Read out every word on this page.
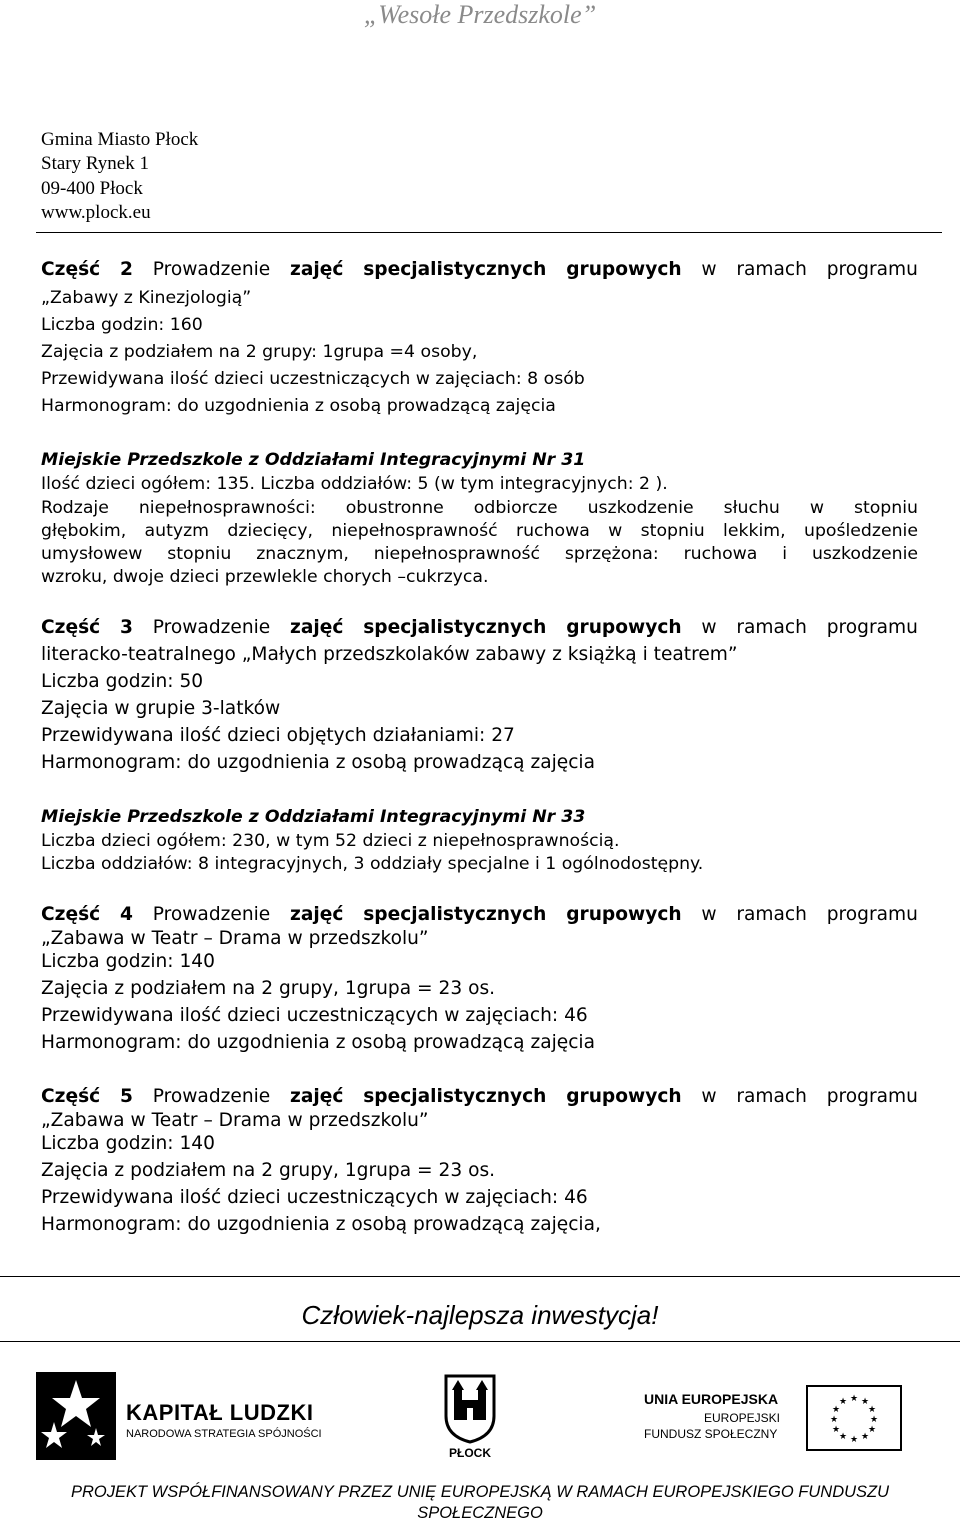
„Wesołe Przedszkole”
Gmina Miasto Płock
Stary Rynek 1
09-400 Płock
www.plock.eu
Część 2 Prowadzenie zajęć specjalistycznych grupowych w ramach programu
„Zabawy z Kinezjologią”
Liczba godzin: 160
Zajęcia z podziałem na 2 grupy: 1grupa =4 osoby,
Przewidywana ilość dzieci uczestniczących w zajęciach: 8 osób
Harmonogram: do uzgodnienia z osobą prowadzącą zajęcia
Miejskie Przedszkole z Oddziałami Integracyjnymi Nr 31
Ilość dzieci ogółem: 135. Liczba oddziałów: 5 (w tym integracyjnych: 2 ).
Rodzaje niepełnosprawności: obustronne odbiorcze uszkodzenie słuchu w stopniu
głębokim, autyzm dziecięcy, niepełnosprawność ruchowa w stopniu lekkim, upośledzenie
umysłowew stopniu znacznym, niepełnosprawność sprzężona: ruchowa i uszkodzenie
wzroku, dwoje dzieci przewlekle chorych –cukrzyca.
Część 3 Prowadzenie zajęć specjalistycznych grupowych w ramach programu
literacko-teatralnego „Małych przedszkolaków zabawy z książką i teatrem”
Liczba godzin: 50
Zajęcia w grupie 3-latków
Przewidywana ilość dzieci objętych działaniami: 27
Harmonogram: do uzgodnienia z osobą prowadzącą zajęcia
Miejskie Przedszkole z Oddziałami Integracyjnymi Nr 33
Liczba dzieci ogółem: 230, w tym 52 dzieci z niepełnosprawnością.
Liczba oddziałów: 8 integracyjnych, 3 oddziały specjalne i 1 ogólnodostępny.
Część 4 Prowadzenie zajęć specjalistycznych grupowych w ramach programu
„Zabawa w Teatr – Drama w przedszkolu”
Liczba godzin: 140
Zajęcia z podziałem na 2 grupy, 1grupa = 23 os.
Przewidywana ilość dzieci uczestniczących w zajęciach: 46
Harmonogram: do uzgodnienia z osobą prowadzącą zajęcia
Część 5 Prowadzenie zajęć specjalistycznych grupowych w ramach programu
„Zabawa w Teatr – Drama w przedszkolu”
Liczba godzin: 140
Zajęcia z podziałem na 2 grupy, 1grupa = 23 os.
Przewidywana ilość dzieci uczestniczących w zajęciach: 46
Harmonogram: do uzgodnienia z osobą prowadzącą zajęcia,
Człowiek-najlepsza inwestycja!
KAPITAŁ LUDZKI
NARODOWA STRATEGIA SPÓJNOŚCI
PŁOCK
UNIA EUROPEJSKA
EUROPEJSKI
FUNDUSZ SPOŁECZNY
★ ★
★
★
★
★
★
★
★
★
★
★
PROJEKT WSPÓŁFINANSOWANY PRZEZ UNIĘ EUROPEJSKĄ W RAMACH EUROPEJSKIEGO FUNDUSZU
SPOŁECZNEGO
